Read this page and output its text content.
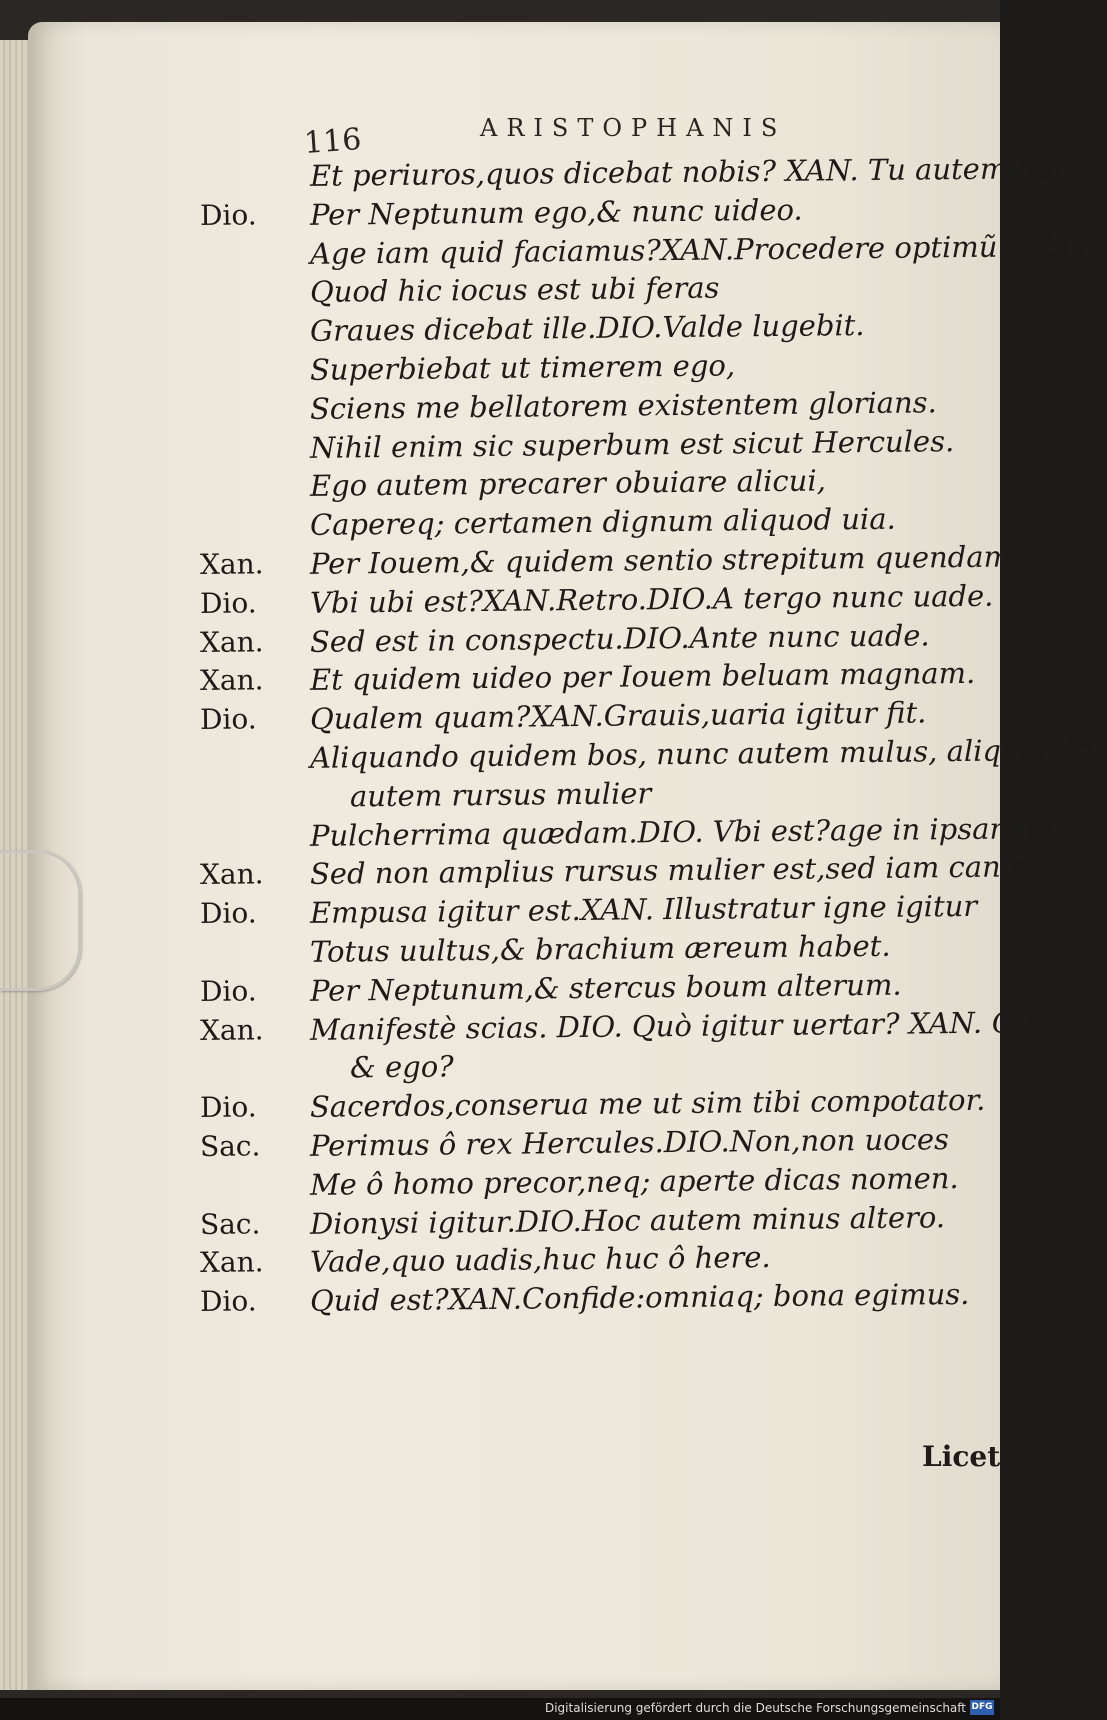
116	ARISTOPHANIS
Et periuros,quos dicebat nobis? XAN. Tu autem non?
Dio.	Per Neptunum ego,& nunc uideo.
Age iam quid faciamus?XAN.Procedere optimũ nobis.
Quod hic iocus est ubi feras
Graues dicebat ille.DIO.Valde lugebit.
Superbiebat ut timerem ego,
Sciens me bellatorem existentem glorians.
Nihil enim sic superbum est sicut Hercules.
Ego autem precarer obuiare alicui,
Capereq; certamen dignum aliquod uia.
Xan.	Per Iouem,& quidem sentio strepitum quendam.
Dio.	Vbi ubi est?XAN.Retro.DIO.A tergo nunc uade.
Xan.	Sed est in conspectu.DIO.Ante nunc uade.
Xan.	Et quidem uideo per Iouem beluam magnam.
Dio.	Qualem quam?XAN.Grauis,uaria igitur fit.
Aliquando quidem bos, nunc autem mulus, aliquando
autem rursus mulier
Pulcherrima quædam.DIO. Vbi est?age in ipsam uado.
Xan.	Sed non amplius rursus mulier est,sed iam canis.
Dio.	Empusa igitur est.XAN. Illustratur igne igitur
Totus uultus,& brachium æreum habet.
Dio.	Per Neptunum,& stercus boum alterum.
Xan.	Manifestè scias. DIO. Quò igitur uertar? XAN. Quò
& ego?
Dio.	Sacerdos,conserua me ut sim tibi compotator.
Sac.	Perimus ô rex Hercules.DIO.Non,non uoces
Me ô homo precor,neq; aperte dicas nomen.
Sac.	Dionysi igitur.DIO.Hoc autem minus altero.
Xan.	Vade,quo uadis,huc huc ô here.
Dio.	Quid est?XAN.Confide:omniaq; bona egimus.
Licet
Digitalisierung gefördert durch die Deutsche Forschungsgemeinschaft DFG
